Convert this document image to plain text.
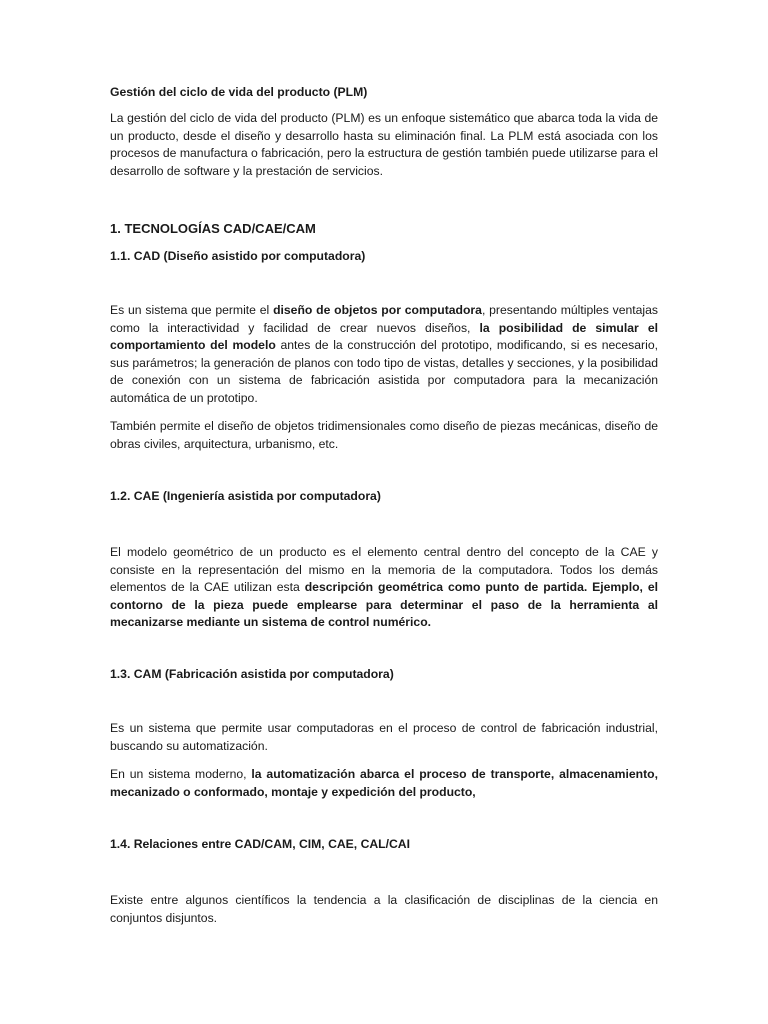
Gestión del ciclo de vida del producto (PLM)

La gestión del ciclo de vida del producto (PLM) es un enfoque sistemático que abarca toda la vida de un producto, desde el diseño y desarrollo hasta su eliminación final. La PLM está asociada con los procesos de manufactura o fabricación, pero la estructura de gestión también puede utilizarse para el desarrollo de software y la prestación de servicios.

1. TECNOLOGÍAS CAD/CAE/CAM

1.1. CAD (Diseño asistido por computadora)

Es un sistema que permite el diseño de objetos por computadora, presentando múltiples ventajas como la interactividad y facilidad de crear nuevos diseños, la posibilidad de simular el comportamiento del modelo antes de la construcción del prototipo, modificando, si es necesario, sus parámetros; la generación de planos con todo tipo de vistas, detalles y secciones, y la posibilidad de conexión con un sistema de fabricación asistida por computadora para la mecanización automática de un prototipo.

También permite el diseño de objetos tridimensionales como diseño de piezas mecánicas, diseño de obras civiles, arquitectura, urbanismo, etc.

1.2. CAE (Ingeniería asistida por computadora)

El modelo geométrico de un producto es el elemento central dentro del concepto de la CAE y consiste en la representación del mismo en la memoria de la computadora. Todos los demás elementos de la CAE utilizan esta descripción geométrica como punto de partida. Ejemplo, el contorno de la pieza puede emplearse para determinar el paso de la herramienta al mecanizarse mediante un sistema de control numérico.

1.3. CAM (Fabricación asistida por computadora)

Es un sistema que permite usar computadoras en el proceso de control de fabricación industrial, buscando su automatización.

En un sistema moderno, la automatización abarca el proceso de transporte, almacenamiento, mecanizado o conformado, montaje y expedición del producto,

1.4. Relaciones entre CAD/CAM, CIM, CAE, CAL/CAI

Existe entre algunos científicos la tendencia a la clasificación de disciplinas de la ciencia en conjuntos disjuntos.
